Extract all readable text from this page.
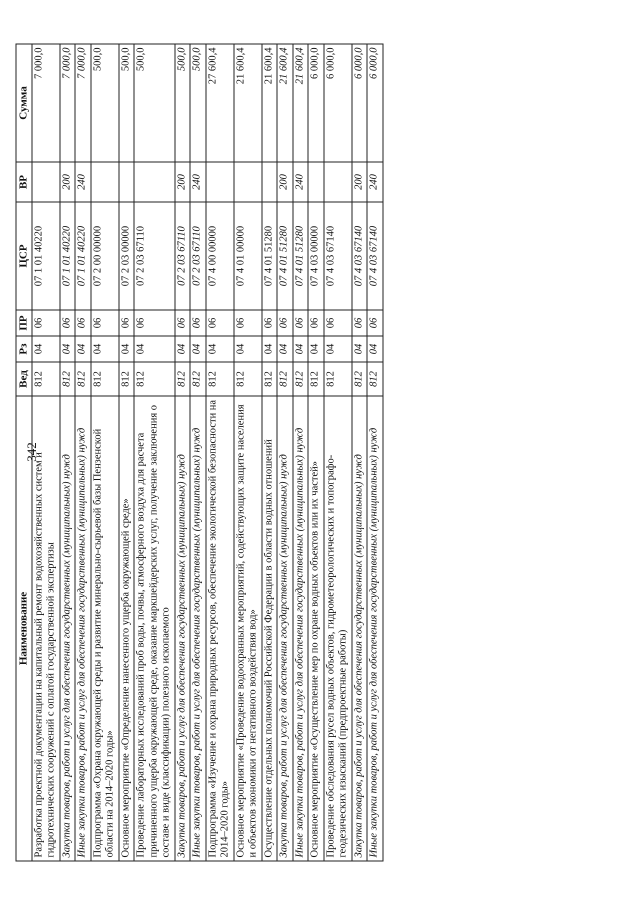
342
Наименование	Вед	Рз	ПР	ЦСР	ВР	Сумма
Разработка проектной документации на капитальный ремонт водохозяйственных систем и гидротехнических сооружений с оплатой государственной экспертизы	812	04	06	07 1 01 40220		7 000,0
Закупка товаров, работ и услуг для обеспечения государственных (муниципальных) нужд	812	04	06	07 1 01 40220	200	7 000,0
Иные закупки товаров, работ и услуг для обеспечения государственных (муниципальных) нужд	812	04	06	07 1 01 40220	240	7 000,0
Подпрограмма «Охрана окружающей среды и развитие минерально-сырьевой базы Пензенской области на 2014–2020 годы»	812	04	06	07 2 00 00000		500,0
Основное мероприятие «Определение нанесенного ущерба окружающей среде»	812	04	06	07 2 03 00000		500,0
Проведение лабораторных исследований проб воды, почвы, атмосферного воздуха для расчета причиненного ущерба окружающей среде, оказание маркшейдерских услуг, получение заключения о составе и виде (классификации) полезного ископаемого	812	04	06	07 2 03 67110		500,0
Закупка товаров, работ и услуг для обеспечения государственных (муниципальных) нужд	812	04	06	07 2 03 67110	200	500,0
Иные закупки товаров, работ и услуг для обеспечения государственных (муниципальных) нужд	812	04	06	07 2 03 67110	240	500,0
Подпрограмма «Изучение и охрана природных ресурсов, обеспечение экологической безопасности на 2014–2020 годы»	812	04	06	07 4 00 00000		27 600,4
Основное мероприятие «Проведение водоохранных мероприятий, содействующих защите населения и объектов экономики от негативного воздействия вод»	812	04	06	07 4 01 00000		21 600,4
Осуществление отдельных полномочий Российской Федерации в области водных отношений	812	04	06	07 4 01 51280		21 600,4
Закупка товаров, работ и услуг для обеспечения государственных (муниципальных) нужд	812	04	06	07 4 01 51280	200	21 600,4
Иные закупки товаров, работ и услуг для обеспечения государственных (муниципальных) нужд	812	04	06	07 4 01 51280	240	21 600,4
Основное мероприятие «Осуществление мер по охране водных объектов или их частей»	812	04	06	07 4 03 00000		6 000,0
Проведение обследования русел водных объектов, гидрометеорологических и топографо-геодезических изысканий (предпроектные работы)	812	04	06	07 4 03 67140		6 000,0
Закупка товаров, работ и услуг для обеспечения государственных (муниципальных) нужд	812	04	06	07 4 03 67140	200	6 000,0
Иные закупки товаров, работ и услуг для обеспечения государственных (муниципальных) нужд	812	04	06	07 4 03 67140	240	6 000,0
